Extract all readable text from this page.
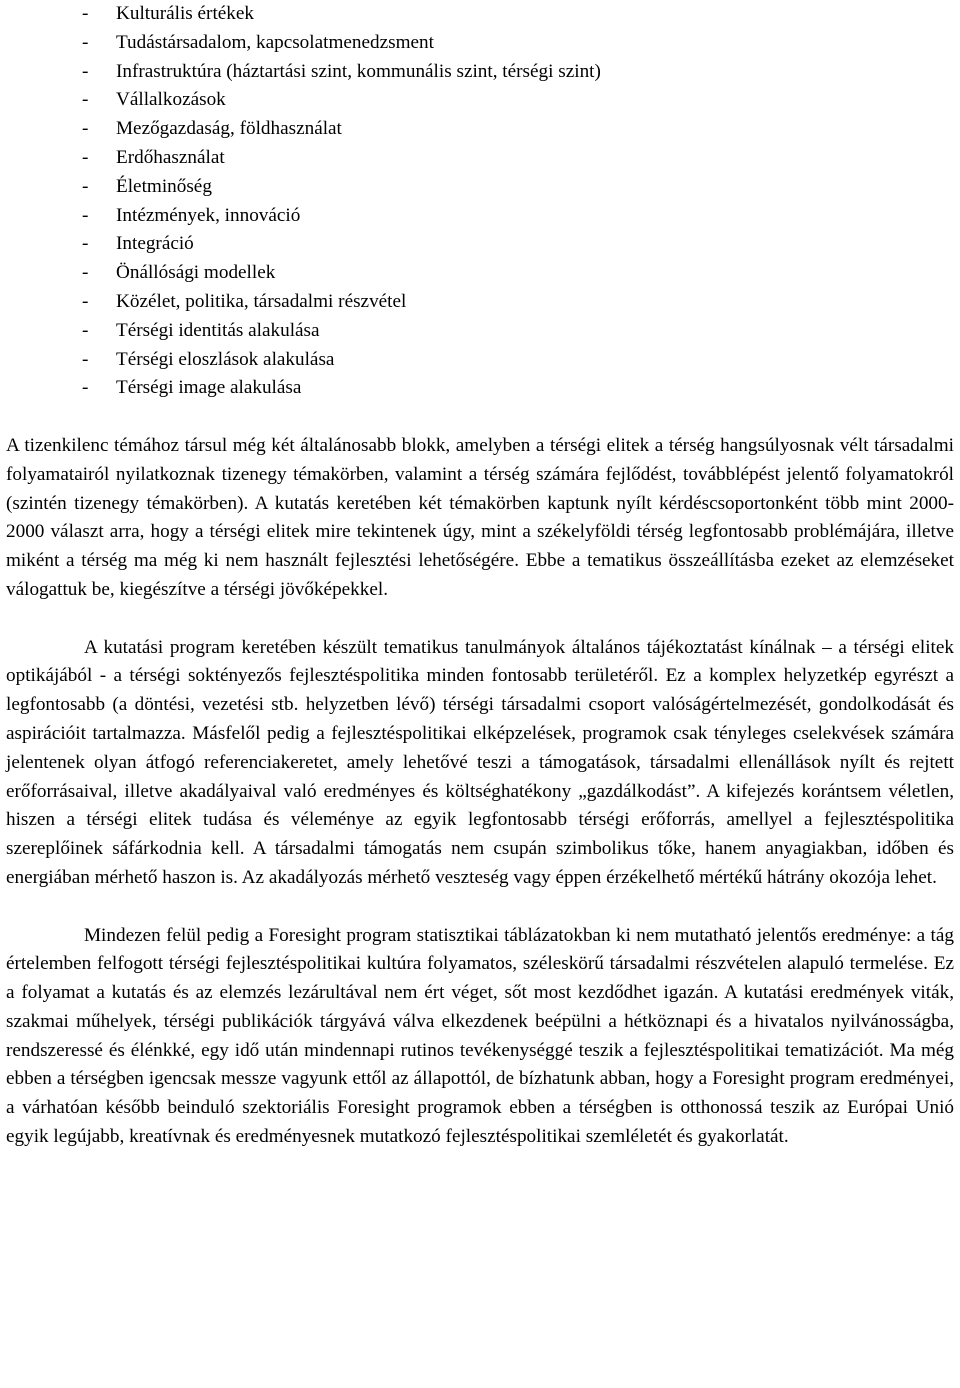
- Kulturális értékek
- Tudástársadalom, kapcsolatmenedzsment
- Infrastruktúra (háztartási szint, kommunális szint, térségi szint)
- Vállalkozások
- Mezőgazdaság, földhasználat
- Erdőhasználat
- Életminőség
- Intézmények, innováció
- Integráció
- Önállósági modellek
- Közélet, politika, társadalmi részvétel
- Térségi identitás alakulása
- Térségi eloszlások alakulása
- Térségi image alakulása

A tizenkilenc témához társul még két általánosabb blokk, amelyben a térségi elitek a térség hangsúlyosnak vélt társadalmi folyamatairól nyilatkoznak tizenegy témakörben, valamint a térség számára fejlődést, továbblépést jelentő folyamatokról (szintén tizenegy témakörben). A kutatás keretében két témakörben kaptunk nyílt kérdéscsoportonként több mint 2000-2000 választ arra, hogy a térségi elitek mire tekintenek úgy, mint a székelyföldi térség legfontosabb problémájára, illetve miként a térség ma még ki nem használt fejlesztési lehetőségére. Ebbe a tematikus összeállításba ezeket az elemzéseket válogattuk be, kiegészítve a térségi jövőképekkel.

A kutatási program keretében készült tematikus tanulmányok általános tájékoztatást kínálnak – a térségi elitek optikájából - a térségi soktényezős fejlesztéspolitika minden fontosabb területéről. Ez a komplex helyzetkép egyrészt a legfontosabb (a döntési, vezetési stb. helyzetben lévő) térségi társadalmi csoport valóságértelmezését, gondolkodását és aspirációit tartalmazza. Másfelől pedig a fejlesztéspolitikai elképzelések, programok csak tényleges cselekvések számára jelentenek olyan átfogó referenciakeretet, amely lehetővé teszi a támogatások, társadalmi ellenállások nyílt és rejtett erőforrásaival, illetve akadályaival való eredményes és költséghatékony „gazdálkodást”. A kifejezés korántsem véletlen, hiszen a térségi elitek tudása és véleménye az egyik legfontosabb térségi erőforrás, amellyel a fejlesztéspolitika szereplőinek sáfárkodnia kell. A társadalmi támogatás nem csupán szimbolikus tőke, hanem anyagiakban, időben és energiában mérhető haszon is. Az akadályozás mérhető veszteség vagy éppen érzékelhető mértékű hátrány okozója lehet.

Mindezen felül pedig a Foresight program statisztikai táblázatokban ki nem mutatható jelentős eredménye: a tág értelemben felfogott térségi fejlesztéspolitikai kultúra folyamatos, széleskörű társadalmi részvételen alapuló termelése. Ez a folyamat a kutatás és az elemzés lezárultával nem ért véget, sőt most kezdődhet igazán. A kutatási eredmények viták, szakmai műhelyek, térségi publikációk tárgyává válva elkezdenek beépülni a hétköznapi és a hivatalos nyilvánosságba, rendszeressé és élénkké, egy idő után mindennapi rutinos tevékenységgé teszik a fejlesztéspolitikai tematizációt. Ma még ebben a térségben igencsak messze vagyunk ettől az állapottól, de bízhatunk abban, hogy a Foresight program eredményei, a várhatóan később beinduló szektoriális Foresight programok ebben a térségben is otthonossá teszik az Európai Unió egyik legújabb, kreatívnak és eredményesnek mutatkozó fejlesztéspolitikai szemléletét és gyakorlatát.
